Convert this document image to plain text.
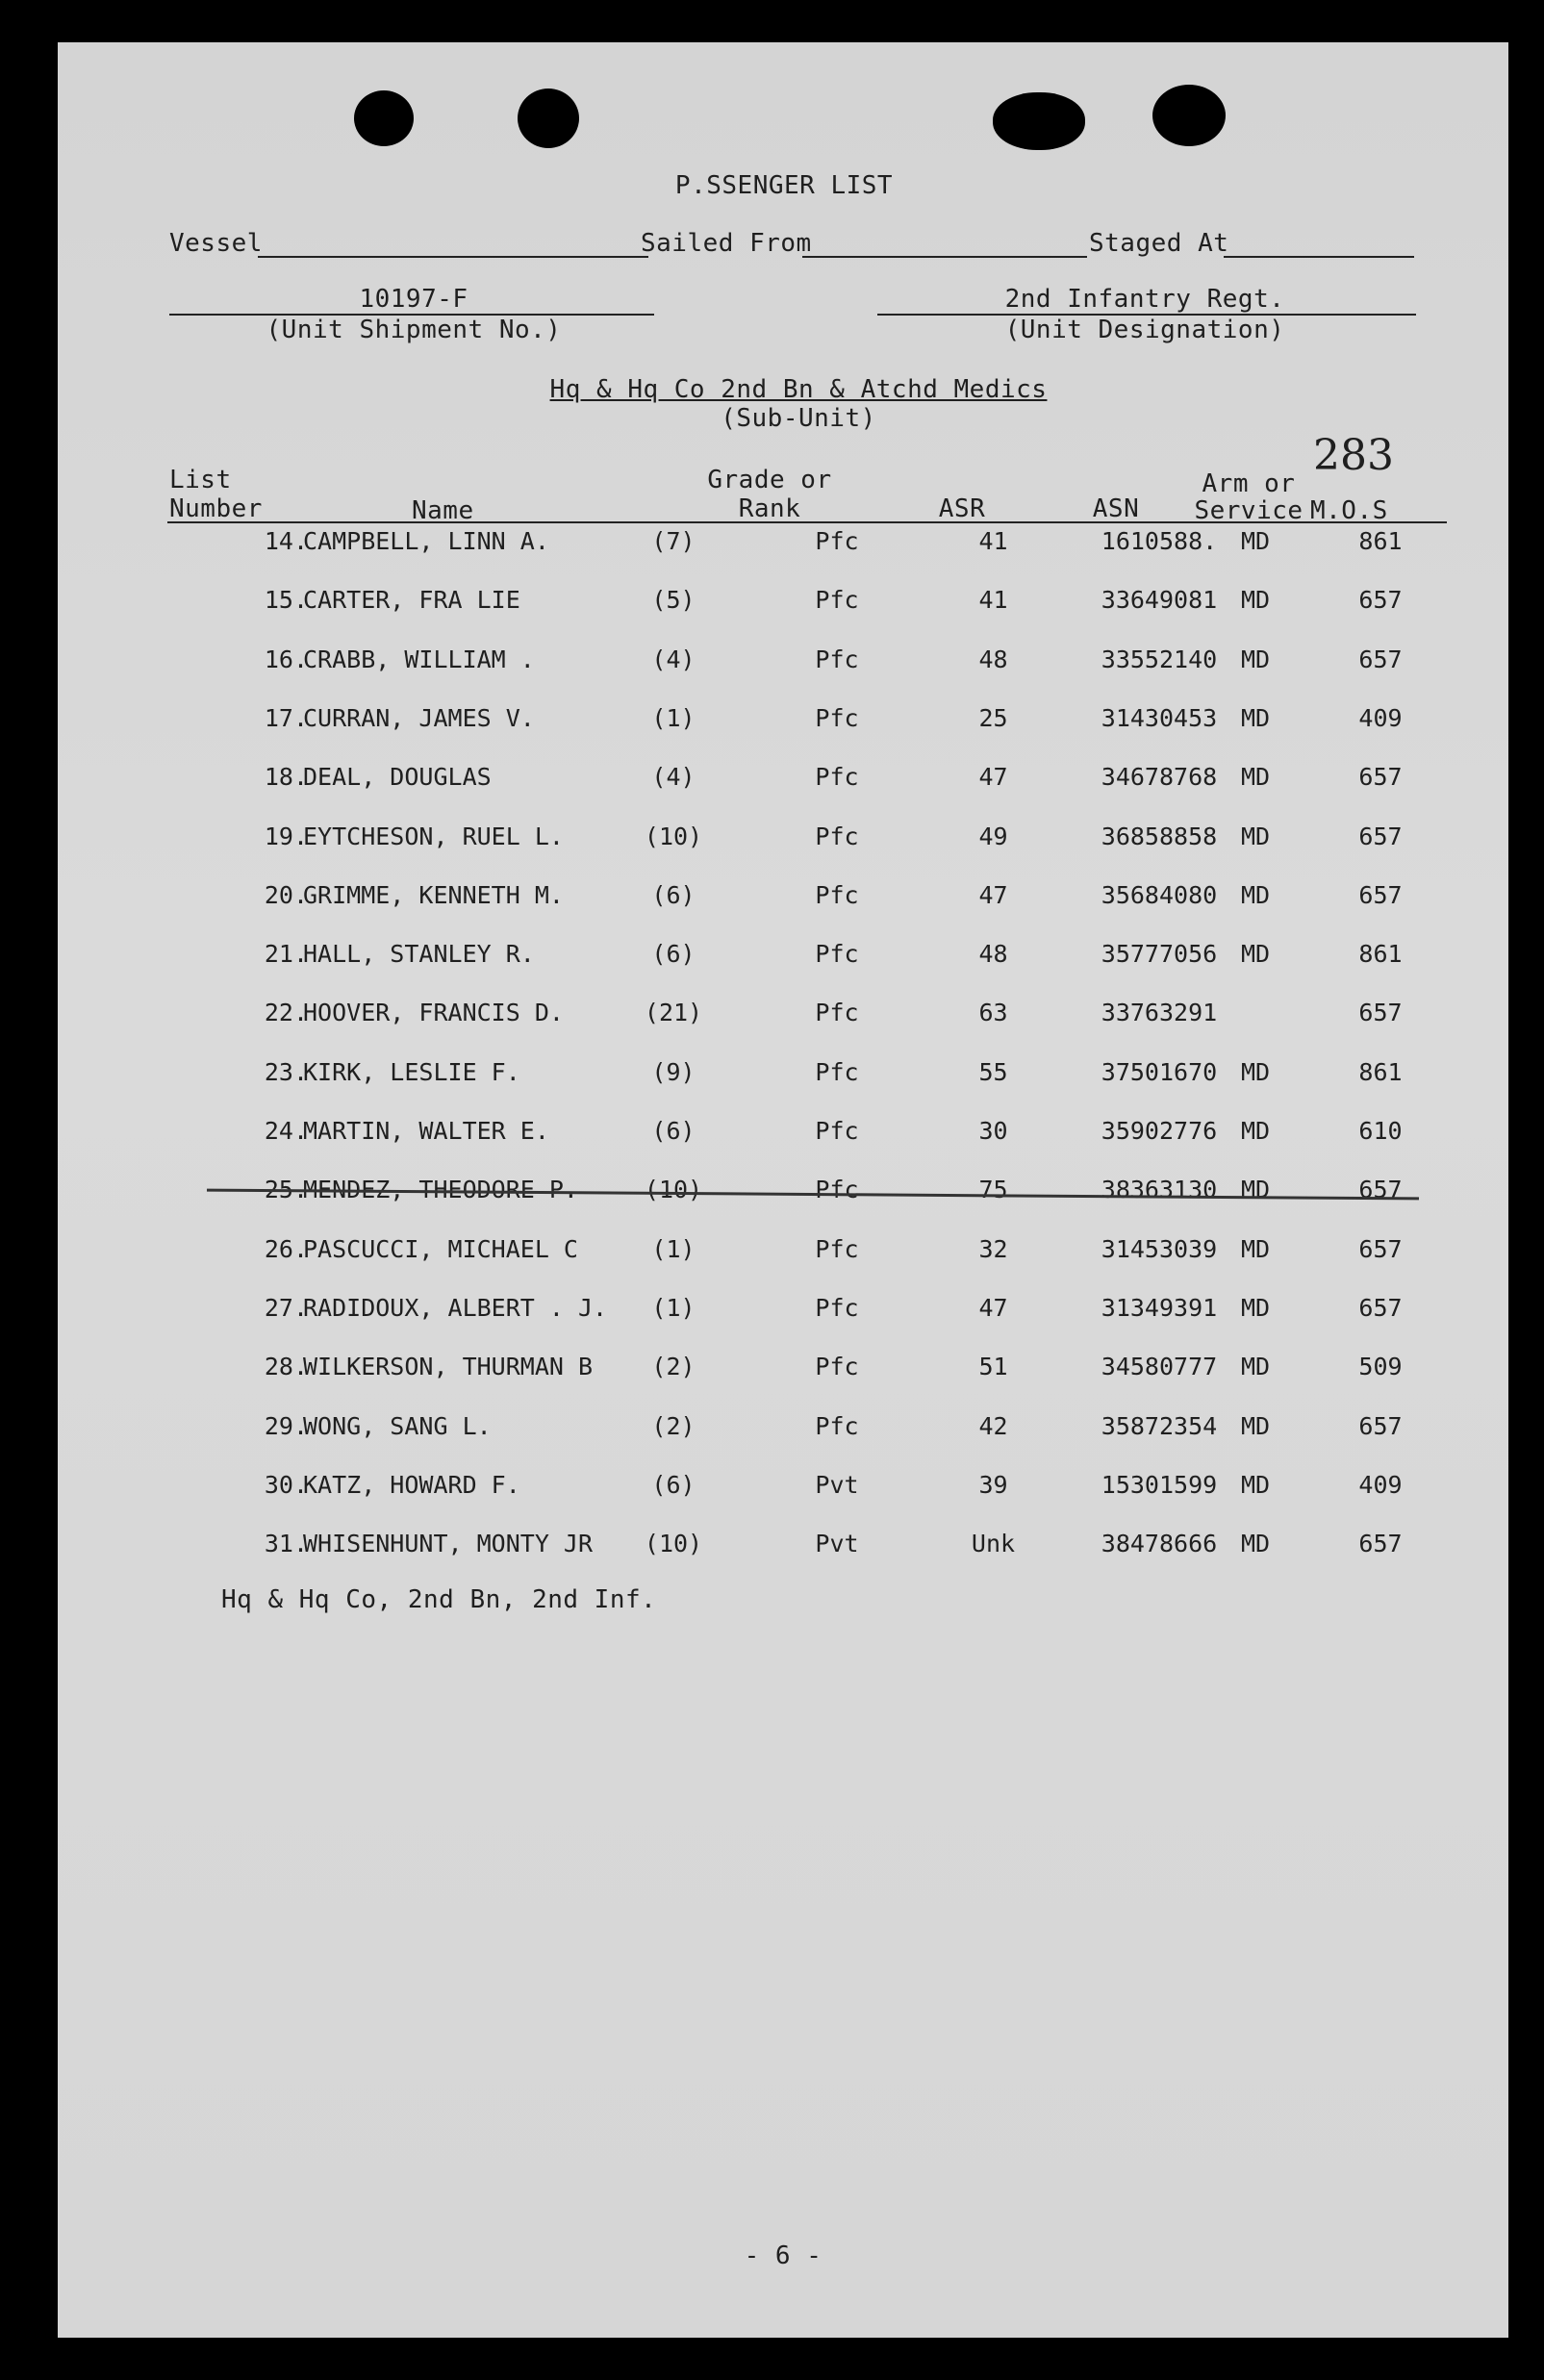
P.SSENGER LIST
Vessel	Sailed From	Staged At
10197-F
(Unit Shipment No.)
2nd Infantry Regt.
(Unit Designation)
Hq & Hq Co 2nd Bn & Atchd Medics
(Sub-Unit)
283
List
Number	Name
Grade or
Rank	ASR	ASN
Arm or
Service M.O.S
14.
CAMPBELL, LINN A.	(7)	Pfc	41	1610588. MD	861
15.
CARTER, FRA LIE	(5)	Pfc	41	33649081 MD	657
16.
CRABB, WILLIAM .	(4)	Pfc	48	33552140 MD	657
17.
CURRAN, JAMES V.	(1)	Pfc	25	31430453 MD	409
18.
DEAL, DOUGLAS	(4)	Pfc	47	34678768 MD	657
19.
EYTCHESON, RUEL L.	(10)	Pfc	49	36858858 MD	657
20.
GRIMME, KENNETH M.	(6)	Pfc	47	35684080 MD	657
21.
HALL, STANLEY R.	(6)	Pfc	48	35777056 MD	861
22.
HOOVER, FRANCIS D.	(21)	Pfc	63	33763291	657
23.
KIRK, LESLIE F.	(9)	Pfc	55	37501670 MD	861
24.
MARTIN, WALTER E.	(6)	Pfc	30	35902776 MD	610
25.
MENDEZ, THEODORE P.	(10)	Pfc	75	38363130 MD	657
26.
PASCUCCI, MICHAEL C	(1)	Pfc	32	31453039 MD	657
27.
RADIDOUX, ALBERT . J.	(1)	Pfc	47	31349391 MD	657
28.
WILKERSON, THURMAN B	(2)	Pfc	51	34580777 MD	509
29.
WONG, SANG L.	(2)	Pfc	42	35872354 MD	657
30.
KATZ, HOWARD F.	(6)	Pvt	39	15301599 MD	409
31.
WHISENHUNT, MONTY JR	(10)	Pvt	Unk	38478666 MD	657
Hq & Hq Co, 2nd Bn, 2nd Inf.
- 6 -
